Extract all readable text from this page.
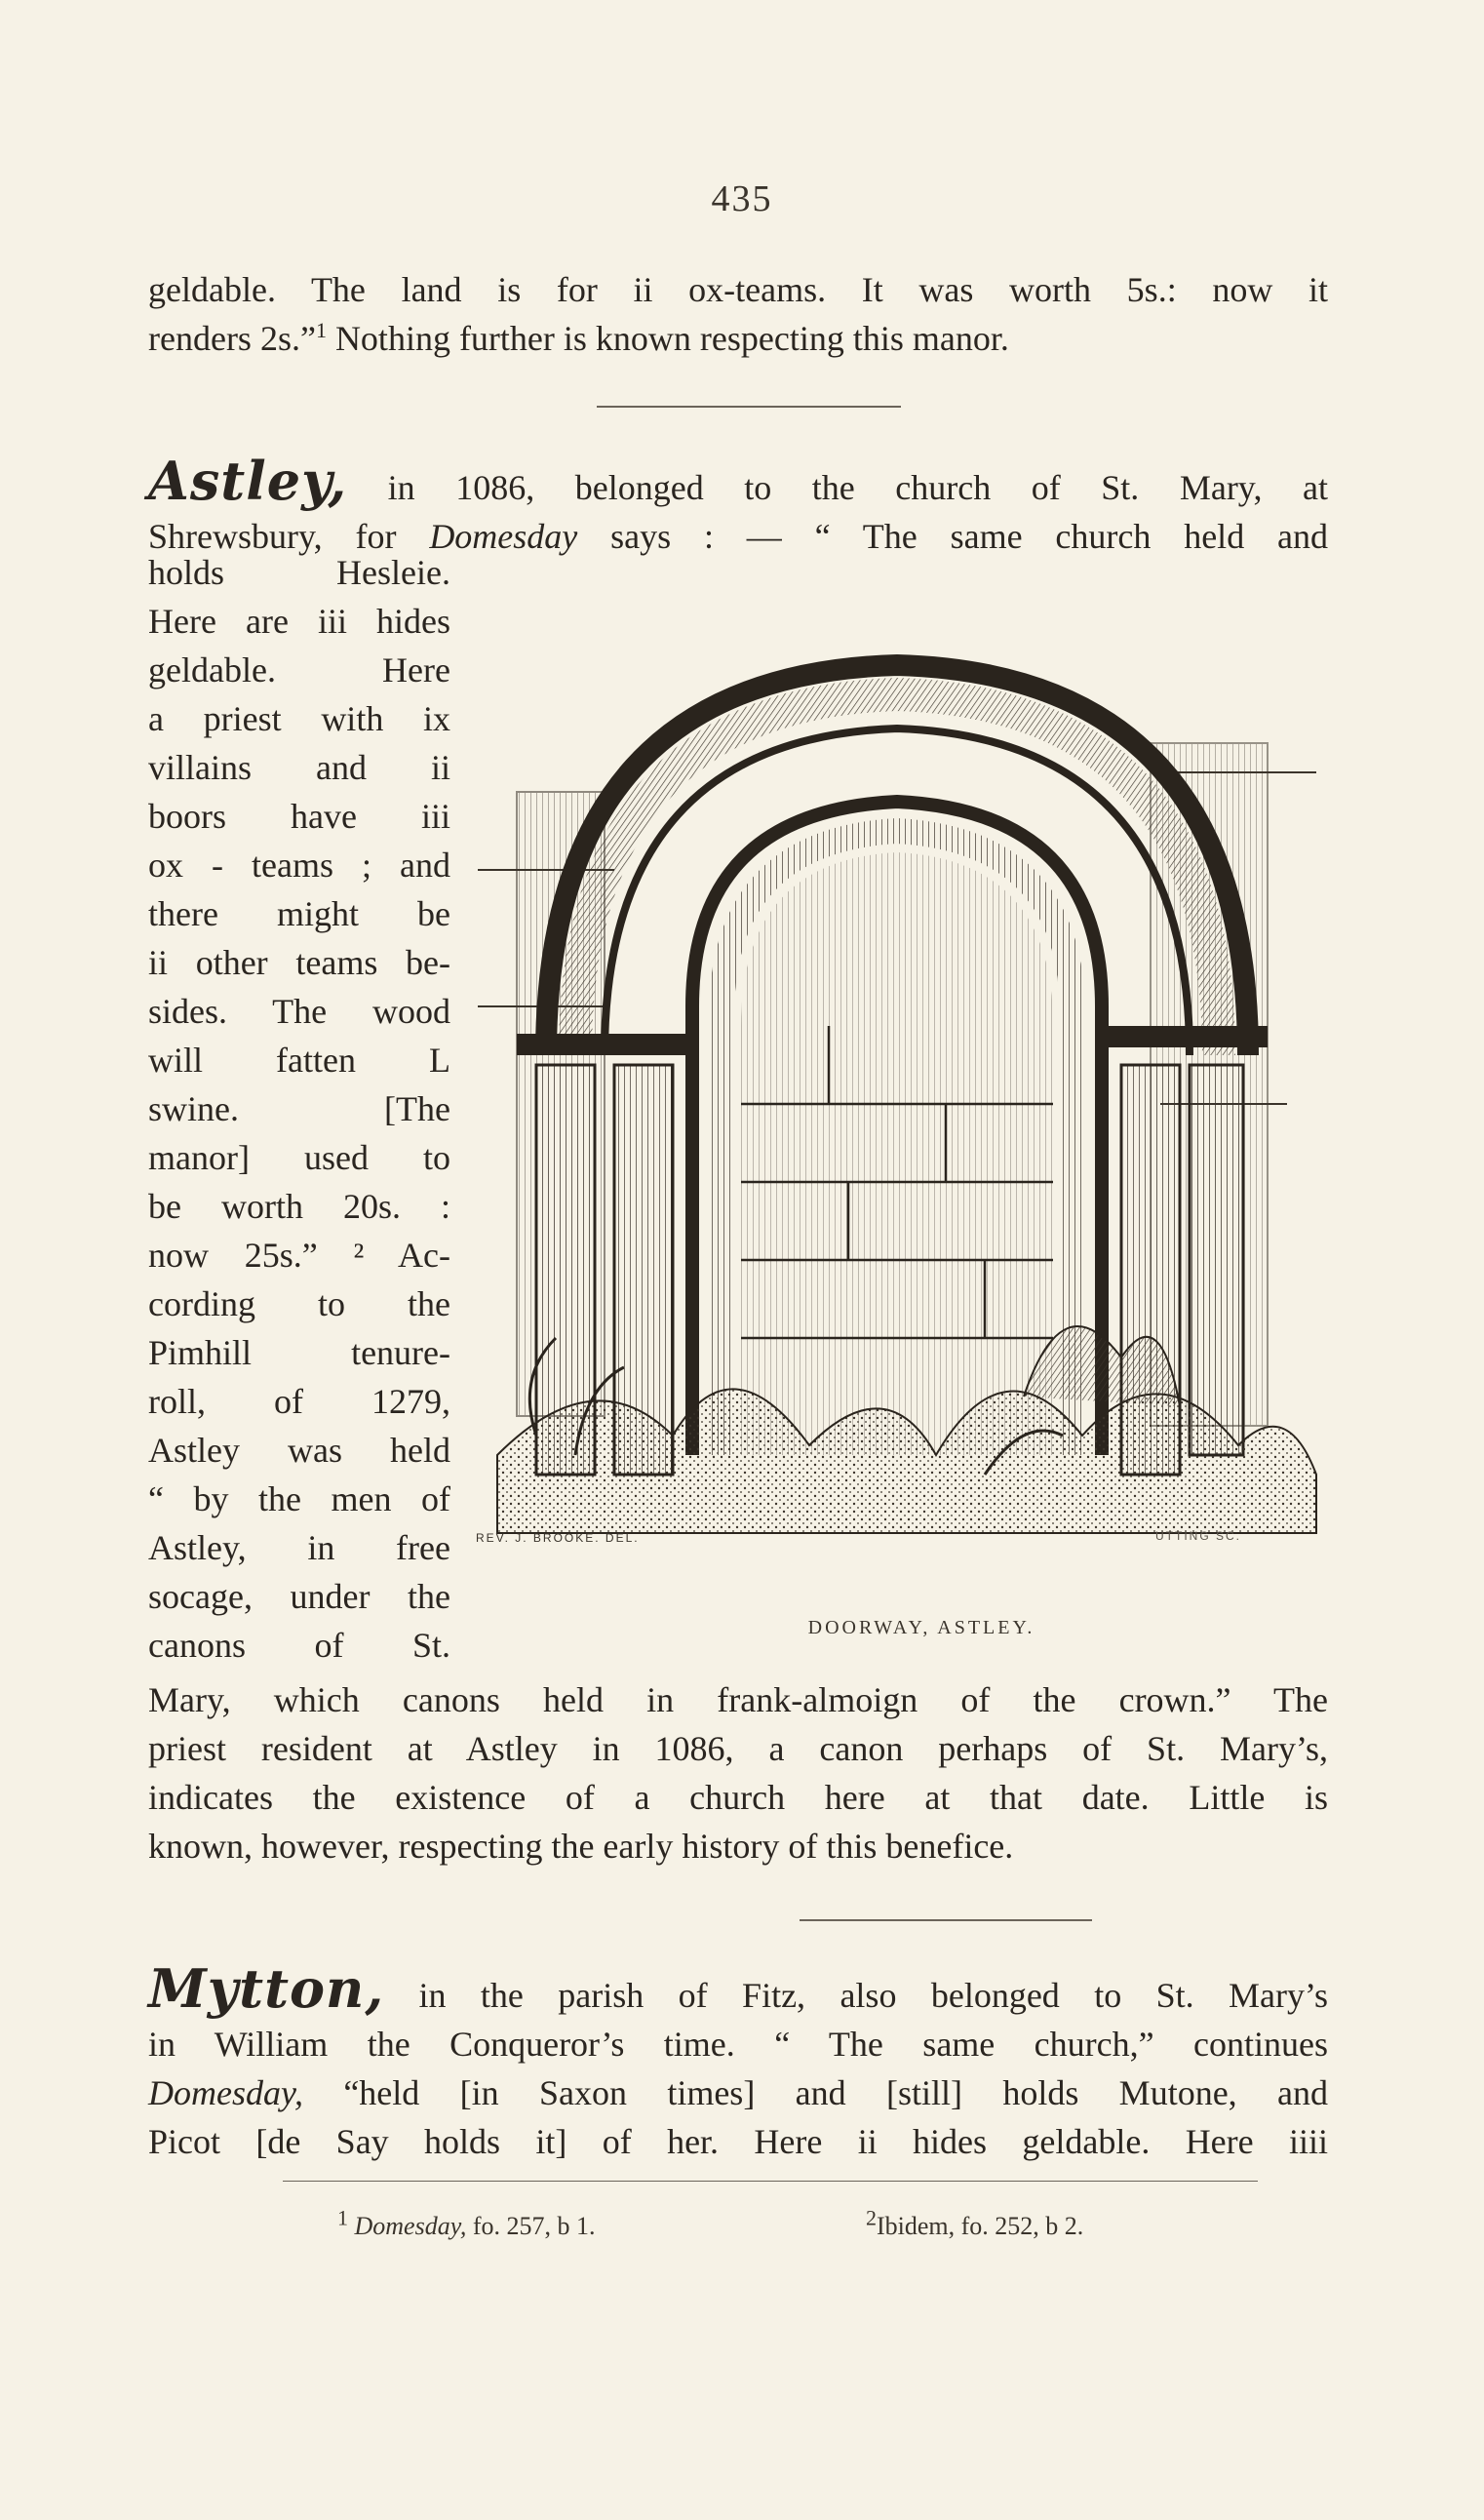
435

geldable. The land is for ii ox-teams. It was worth 5s.: now it
renders 2s.”$^1$ Nothing further is known respecting this manor.

Astley, in 1086, belonged to the church of St. Mary, at
Shrewsbury, for Domesday says : — “ The same church held and

holds Hesleie.
Here are iii hides
geldable. Here
a priest with ix
villains and ii
boors have iii
ox - teams ; and
there might be
ii other teams be-
sides. The wood
will fatten L
swine. [The
manor] used to
be worth 20s. :
now 25s.” ² Ac-
cording to the
Pimhill tenure-
roll, of 1279,
Astley was held
“ by the men of
Astley, in free
socage, under the
canons of St.
REV. J. BROOKE. DEL.	UTTING SC.
DOORWAY, ASTLEY.

Mary, which canons held in frank-almoign of the crown.” The
priest resident at Astley in 1086, a canon perhaps of St. Mary’s,
indicates the existence of a church here at that date. Little is
known, however, respecting the early history of this benefice.

Mytton, in the parish of Fitz, also belonged to St. Mary’s
in William the Conqueror’s time. “ The same church,” continues
Domesday, “held [in Saxon times] and [still] holds Mutone, and
Picot [de Say holds it] of her. Here ii hides geldable. Here iiii

$^1$ Domesday, fo. 257, b 1.	$^2$Ibidem, fo. 252, b 2.
